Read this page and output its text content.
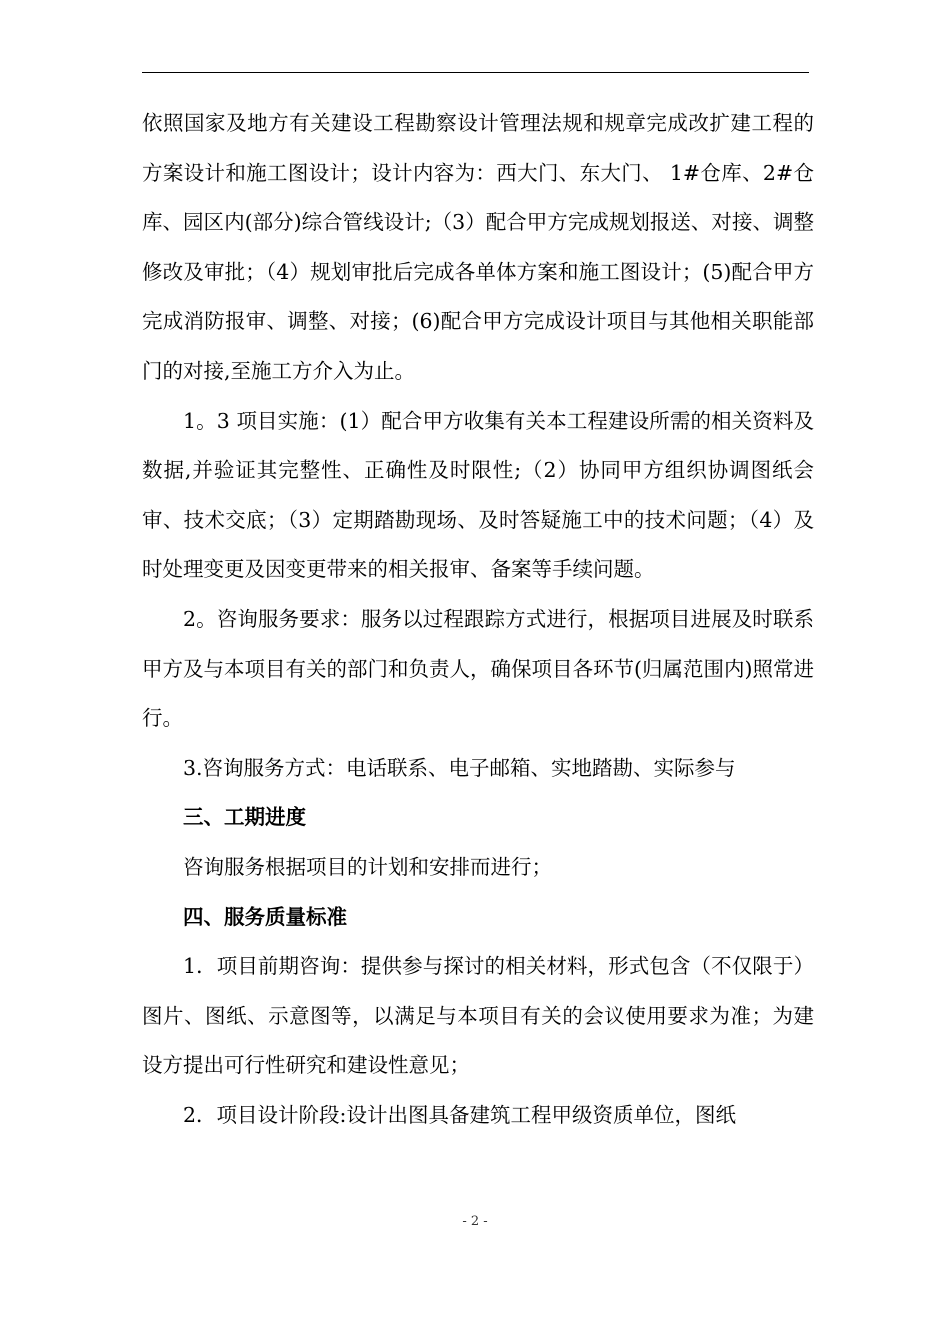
依照国家及地方有关建设工程勘察设计管理法规和规章完成改扩建工程的方案设计和施工图设计；设计内容为：西大门、东大门、 1#仓库、2#仓库、园区内(部分)综合管线设计;（3）配合甲方完成规划报送、对接、调整修改及审批；（4）规划审批后完成各单体方案和施工图设计；(5)配合甲方完成消防报审、调整、对接；(6)配合甲方完成设计项目与其他相关职能部门的对接,至施工方介入为止。

1。3 项目实施：(1）配合甲方收集有关本工程建设所需的相关资料及数据,并验证其完整性、正确性及时限性;（2）协同甲方组织协调图纸会审、技术交底；（3）定期踏勘现场、及时答疑施工中的技术问题；（4）及时处理变更及因变更带来的相关报审、备案等手续问题。

2。咨询服务要求：服务以过程跟踪方式进行，根据项目进展及时联系甲方及与本项目有关的部门和负责人，确保项目各环节(归属范围内)照常进行。

3.咨询服务方式：电话联系、电子邮箱、实地踏勘、实际参与

三、工期进度

咨询服务根据项目的计划和安排而进行；

四、服务质量标准

1．项目前期咨询：提供参与探讨的相关材料，形式包含（不仅限于）图片、图纸、示意图等，以满足与本项目有关的会议使用要求为准；为建设方提出可行性研究和建设性意见；

2．项目设计阶段:设计出图具备建筑工程甲级资质单位，图纸

- 2 -
